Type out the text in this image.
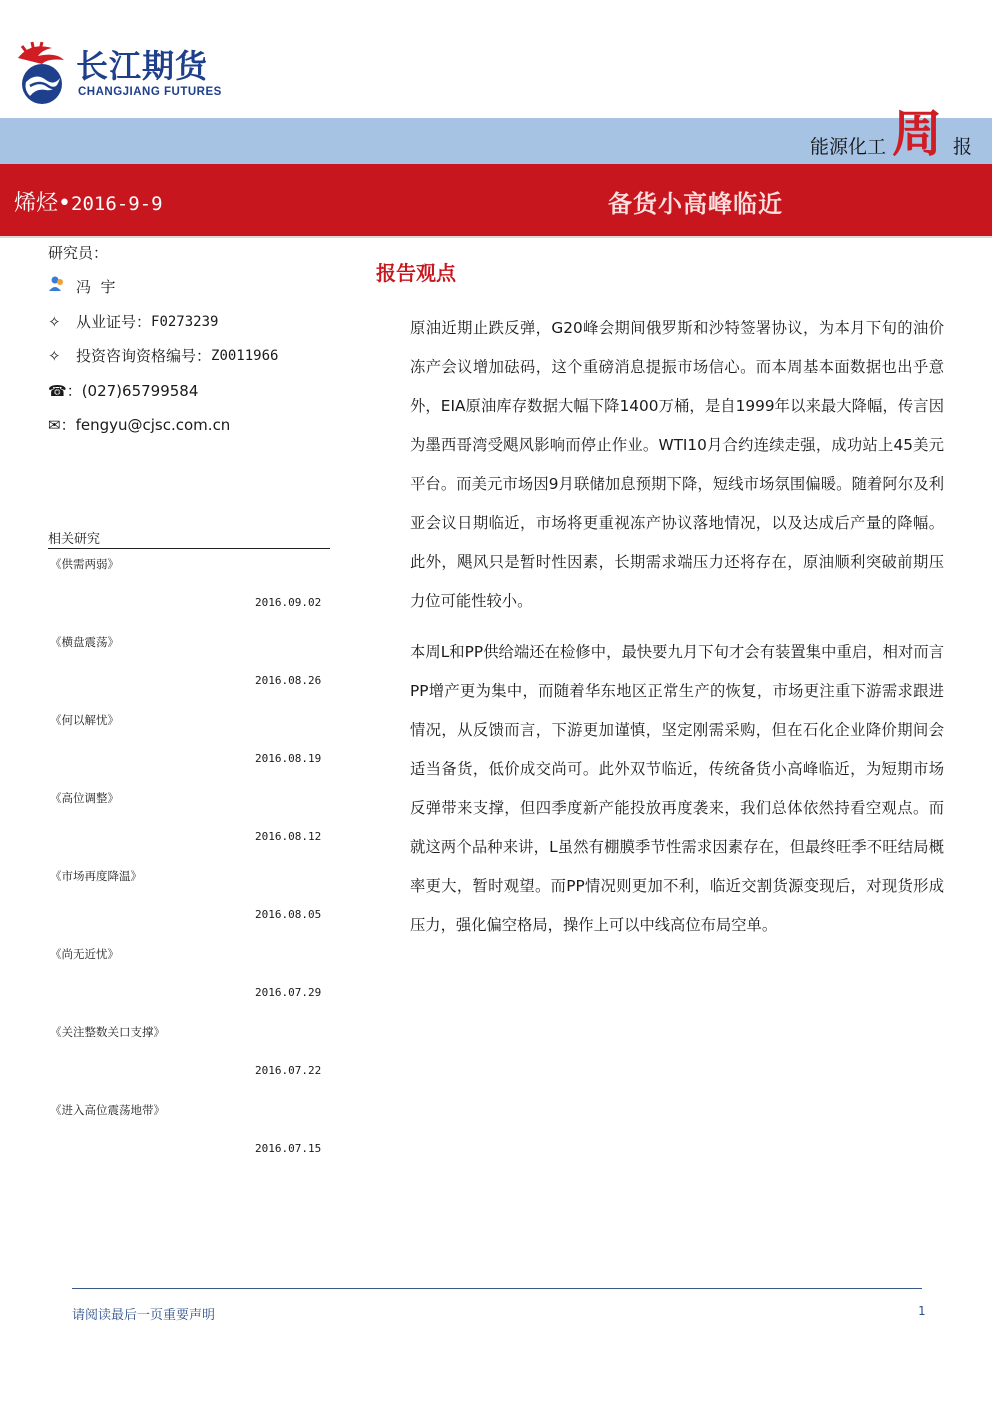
长江期货
CHANGJIANG FUTURES
能源化工 周 报
烯烃•2016-9-9	备货小高峰临近
研究员：
冯  宇
✧	从业证号： F0273239
✧	投资咨询资格编号： Z0011966
☎ ： (027)65799584
✉ ： fengyu@cjsc.com.cn
相关研究
《供需两弱》
2016.09.02
《横盘震荡》
2016.08.26
《何以解忧》
2016.08.19
《高位调整》
2016.08.12
《市场再度降温》
2016.08.05
《尚无近忧》
2016.07.29
《关注整数关口支撑》
2016.07.22
《进入高位震荡地带》
2016.07.15
报告观点

原油近期止跌反弹，G20峰会期间俄罗斯和沙特签署协议，为本月下旬的油价冻产会议增加砝码，这个重磅消息提振市场信心。而本周基本面数据也出乎意外，EIA原油库存数据大幅下降1400万桶，是自1999年以来最大降幅，传言因为墨西哥湾受飓风影响而停止作业。WTI10月合约连续走强，成功站上45美元平台。而美元市场因9月联储加息预期下降，短线市场氛围偏暖。随着阿尔及利亚会议日期临近，市场将更重视冻产协议落地情况，以及达成后产量的降幅。此外，飓风只是暂时性因素，长期需求端压力还将存在，原油顺利突破前期压力位可能性较小。

本周L和PP供给端还在检修中，最快要九月下旬才会有装置集中重启，相对而言PP增产更为集中，而随着华东地区正常生产的恢复，市场更注重下游需求跟进情况，从反馈而言，下游更加谨慎，坚定刚需采购，但在石化企业降价期间会适当备货，低价成交尚可。此外双节临近，传统备货小高峰临近，为短期市场反弹带来支撑，但四季度新产能投放再度袭来，我们总体依然持看空观点。而就这两个品种来讲，L虽然有棚膜季节性需求因素存在，但最终旺季不旺结局概率更大，暂时观望。而PP情况则更加不利，临近交割货源变现后，对现货形成压力，强化偏空格局，操作上可以中线高位布局空单。

请阅读最后一页重要声明	1
